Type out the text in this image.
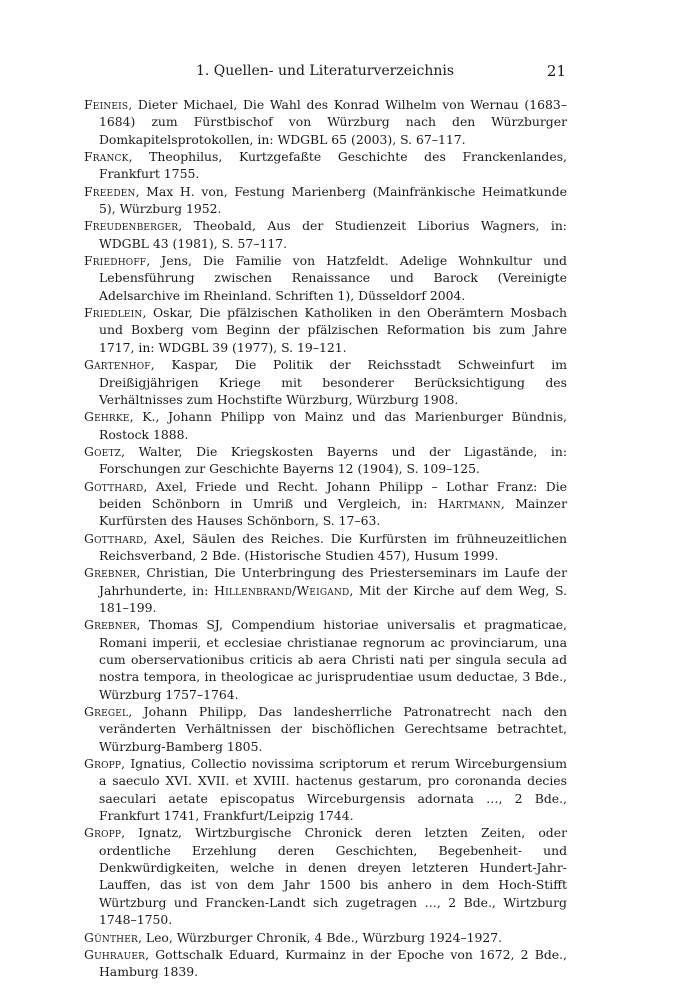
1. Quellen- und Literaturverzeichnis	21

Feineis, Dieter Michael, Die Wahl des Konrad Wilhelm von Wernau (1683–1684) zum Fürstbischof von Würzburg nach den Würzburger Domkapitelsprotokollen, in: WDGBL 65 (2003), S. 67–117.

Franck, Theophilus, Kurtzgefaßte Geschichte des Franckenlandes, Frankfurt 1755.

Freeden, Max H. von, Festung Marienberg (Mainfränkische Heimatkunde 5), Würzburg 1952.

Freudenberger, Theobald, Aus der Studienzeit Liborius Wagners, in: WDGBL 43 (1981), S. 57–117.

Friedhoff, Jens, Die Familie von Hatzfeldt. Adelige Wohnkultur und Lebensführung zwischen Renaissance und Barock (Vereinigte Adelsarchive im Rheinland. Schriften 1), Düsseldorf 2004.

Friedlein, Oskar, Die pfälzischen Katholiken in den Oberämtern Mosbach und Boxberg vom Beginn der pfälzischen Reformation bis zum Jahre 1717, in: WDGBL 39 (1977), S. 19–121.

Gartenhof, Kaspar, Die Politik der Reichsstadt Schweinfurt im Dreißigjährigen Kriege mit besonderer Berücksichtigung des Verhältnisses zum Hochstifte Würzburg, Würzburg 1908.

Gehrke, K., Johann Philipp von Mainz und das Marienburger Bündnis, Rostock 1888.

Goetz, Walter, Die Kriegskosten Bayerns und der Ligastände, in: Forschungen zur Geschichte Bayerns 12 (1904), S. 109–125.

Gotthard, Axel, Friede und Recht. Johann Philipp – Lothar Franz: Die beiden Schönborn in Umriß und Vergleich, in: Hartmann, Mainzer Kurfürsten des Hauses Schönborn, S. 17–63.

Gotthard, Axel, Säulen des Reiches. Die Kurfürsten im frühneuzeitlichen Reichsverband, 2 Bde. (Historische Studien 457), Husum 1999.

Grebner, Christian, Die Unterbringung des Priesterseminars im Laufe der Jahrhunderte, in: Hillenbrand/Weigand, Mit der Kirche auf dem Weg, S. 181–199.

Grebner, Thomas SJ, Compendium historiae universalis et pragmaticae, Romani imperii, et ecclesiae christianae regnorum ac provinciarum, una cum oberservationibus criticis ab aera Christi nati per singula secula ad nostra tempora, in theologicae ac jurisprudentiae usum deductae, 3 Bde., Würzburg 1757–1764.

Gregel, Johann Philipp, Das landesherrliche Patronatrecht nach den veränderten Verhältnissen der bischöflichen Gerechtsame betrachtet, Würzburg-Bamberg 1805.

Gropp, Ignatius, Collectio novissima scriptorum et rerum Wirceburgensium a saeculo XVI. XVII. et XVIII. hactenus gestarum, pro coronanda decies saeculari aetate episcopatus Wirceburgensis adornata …, 2 Bde., Frankfurt 1741, Frankfurt/Leipzig 1744.

Gropp, Ignatz, Wirtzburgische Chronick deren letzten Zeiten, oder ordentliche Erzehlung deren Geschichten, Begebenheit- und Denkwürdigkeiten, welche in denen dreyen letzteren Hundert-Jahr-Lauffen, das ist von dem Jahr 1500 bis anhero in dem Hoch-Stifft Würtzburg und Francken-Landt sich zugetragen …, 2 Bde., Wirtzburg 1748–1750.

Günther, Leo, Würzburger Chronik, 4 Bde., Würzburg 1924–1927.

Guhrauer, Gottschalk Eduard, Kurmainz in der Epoche von 1672, 2 Bde., Hamburg 1839.
